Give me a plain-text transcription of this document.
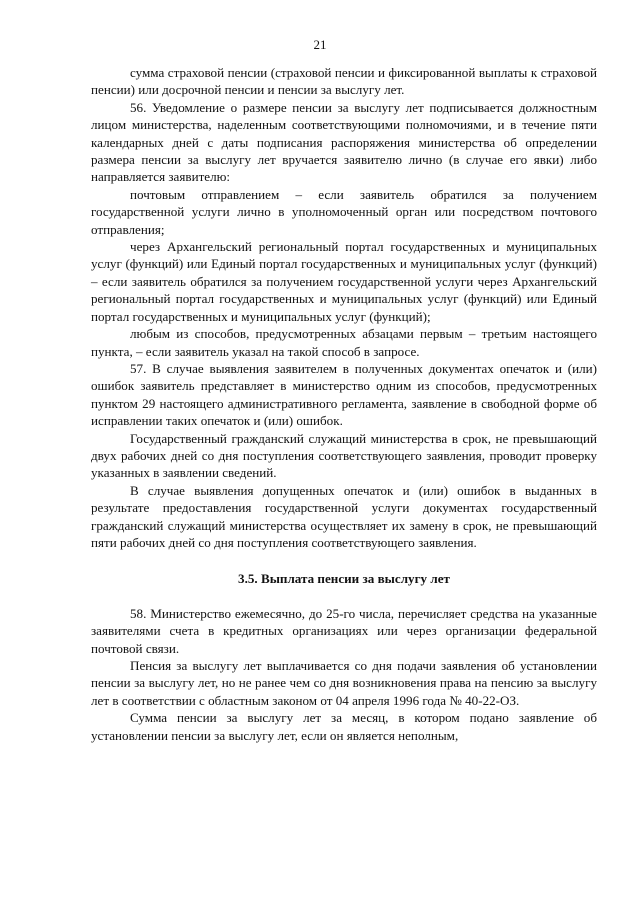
21

сумма страховой пенсии (страховой пенсии и фиксированной выплаты к страховой пенсии) или досрочной пенсии и пенсии за выслугу лет.

56. Уведомление о размере пенсии за выслугу лет подписывается должностным лицом министерства, наделенным соответствующими полномочиями, и в течение пяти календарных дней с даты подписания распоряжения министерства об определении размера пенсии за выслугу лет вручается заявителю лично (в случае его явки) либо направляется заявителю:

почтовым отправлением – если заявитель обратился за получением государственной услуги лично в уполномоченный орган или посредством почтового отправления;

через Архангельский региональный портал государственных и муниципальных услуг (функций) или Единый портал государственных и муниципальных услуг (функций) – если заявитель обратился за получением государственной услуги через Архангельский региональный портал государственных и муниципальных услуг (функций) или Единый портал государственных и муниципальных услуг (функций);

любым из способов, предусмотренных абзацами первым – третьим настоящего пункта, – если заявитель указал на такой способ в запросе.

57. В случае выявления заявителем в полученных документах опечаток и (или) ошибок заявитель представляет в министерство одним из способов, предусмотренных пунктом 29 настоящего административного регламента, заявление в свободной форме об исправлении таких опечаток и (или) ошибок.

Государственный гражданский служащий министерства в срок, не превышающий двух рабочих дней со дня поступления соответствующего заявления, проводит проверку указанных в заявлении сведений.

В случае выявления допущенных опечаток и (или) ошибок в выданных в результате предоставления государственной услуги документах государственный гражданский служащий министерства осуществляет их замену в срок, не превышающий пяти рабочих дней со дня поступления соответствующего заявления.

3.5. Выплата пенсии за выслугу лет

58. Министерство ежемесячно, до 25-го числа, перечисляет средства на указанные заявителями счета в кредитных организациях или через организации федеральной почтовой связи.

Пенсия за выслугу лет выплачивается со дня подачи заявления об установлении пенсии за выслугу лет, но не ранее чем со дня возникновения права на пенсию за выслугу лет в соответствии с областным законом от 04 апреля 1996 года № 40-22-ОЗ.

Сумма пенсии за выслугу лет за месяц, в котором подано заявление об установлении пенсии за выслугу лет, если он является неполным,
